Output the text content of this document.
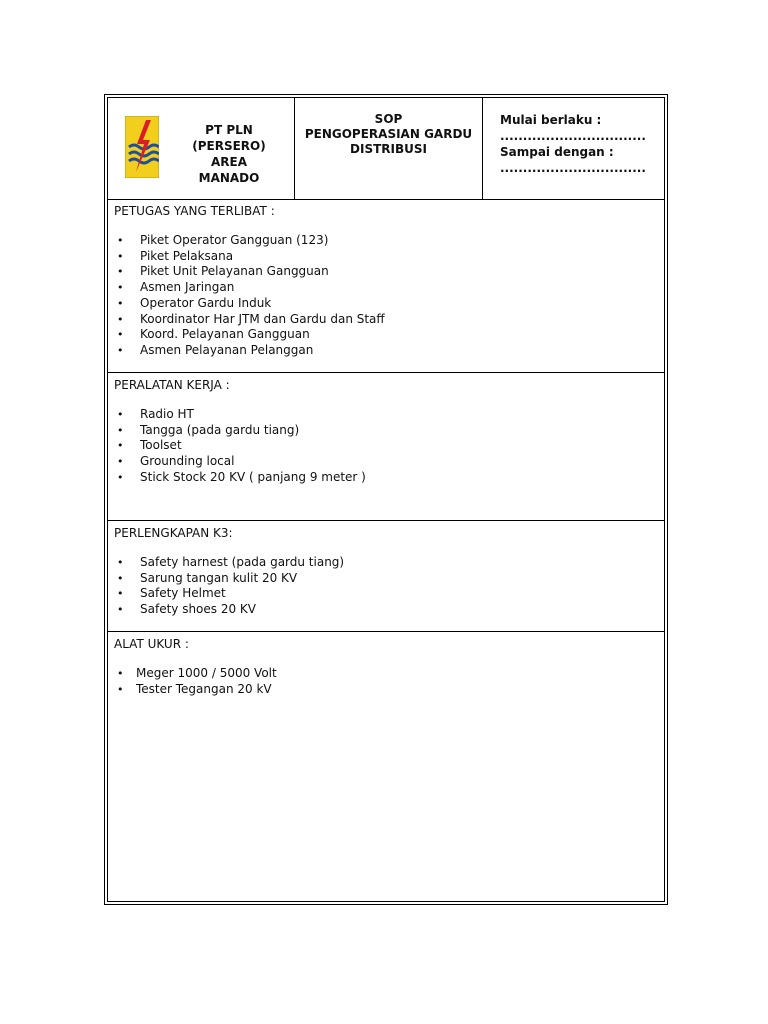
PT PLN
(PERSERO)
AREA
MANADO
SOP
PENGOPERASIAN GARDU
DISTRIBUSI
Mulai berlaku :
................................
Sampai dengan :
................................
PETUGAS YANG TERLIBAT :
• Piket Operator Gangguan (123)
• Piket Pelaksana
• Piket Unit Pelayanan Gangguan
• Asmen Jaringan
• Operator Gardu Induk
• Koordinator Har JTM dan Gardu dan Staff
• Koord. Pelayanan Gangguan
• Asmen Pelayanan Pelanggan
PERALATAN KERJA :
• Radio HT
• Tangga (pada gardu tiang)
• Toolset
• Grounding local
• Stick Stock 20 KV ( panjang 9 meter )
PERLENGKAPAN K3:
• Safety harnest (pada gardu tiang)
• Sarung tangan kulit 20 KV
• Safety Helmet
• Safety shoes 20 KV
ALAT UKUR :
• Meger 1000 / 5000 Volt
• Tester Tegangan 20 kV
